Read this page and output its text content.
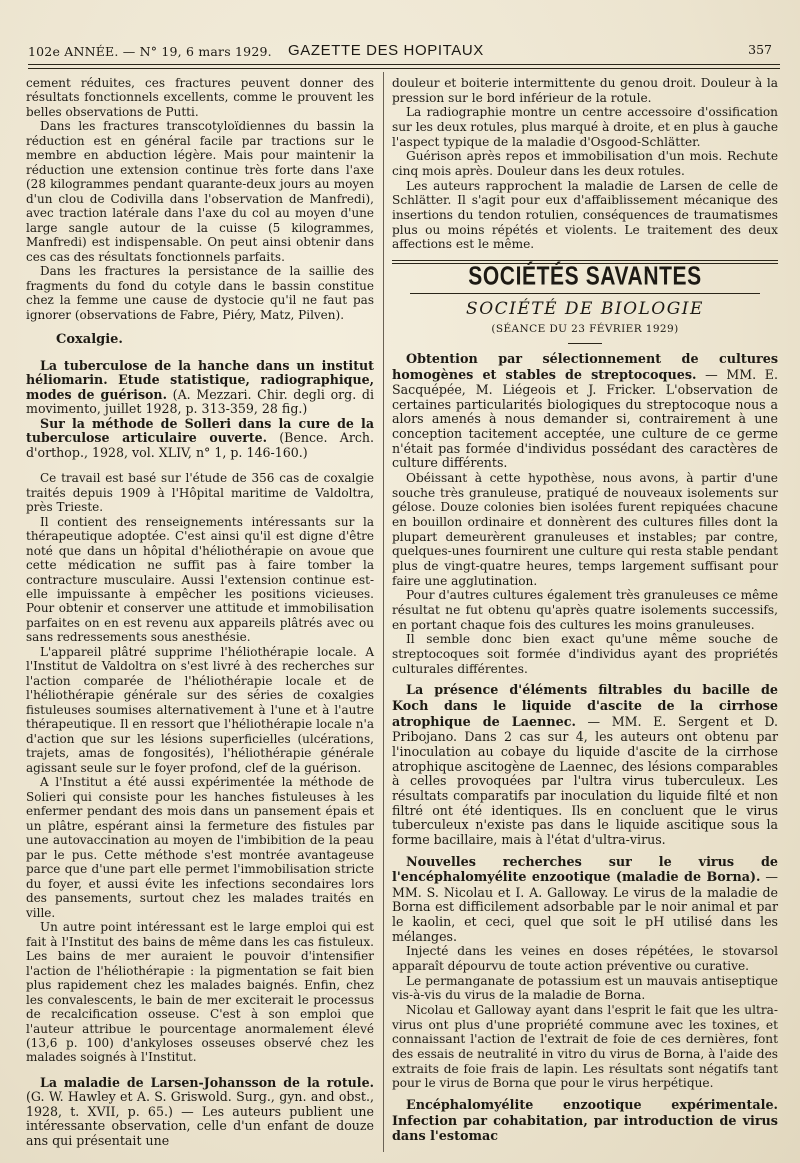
102e ANNÉE. — N° 19, 6 mars 1929. GAZETTE DES HOPITAUX	357

cement réduites, ces fractures peuvent donner des résultats fonctionnels excellents, comme le prouvent les belles observations de Putti.

Dans les fractures transcotyloïdiennes du bassin la réduction est en général facile par tractions sur le membre en abduction légère. Mais pour maintenir la réduction une extension continue très forte dans l'axe (28 kilogrammes pendant quarante-deux jours au moyen d'un clou de Codivilla dans l'observation de Manfredi), avec traction latérale dans l'axe du col au moyen d'une large sangle autour de la cuisse (5 kilogrammes, Manfredi) est indispensable. On peut ainsi obtenir dans ces cas des résultats fonctionnels parfaits.

Dans les fractures la persistance de la saillie des fragments du fond du cotyle dans le bassin constitue chez la femme une cause de dystocie qu'il ne faut pas ignorer (observations de Fabre, Piéry, Matz, Pilven).

Coxalgie.

La tuberculose de la hanche dans un institut héliomarin. Etude statistique, radiographique, modes de guérison. (A. Mezzari. Chir. degli org. di movimento, juillet 1928, p. 313-359, 28 fig.)

Sur la méthode de Solleri dans la cure de la tuberculose articulaire ouverte. (Bence. Arch. d'orthop., 1928, vol. XLIV, n° 1, p. 146-160.)

Ce travail est basé sur l'étude de 356 cas de coxalgie traités depuis 1909 à l'Hôpital maritime de Valdoltra, près Trieste.

Il contient des renseignements intéressants sur la thérapeutique adoptée. C'est ainsi qu'il est digne d'être noté que dans un hôpital d'héliothérapie on avoue que cette médication ne suffit pas à faire tomber la contracture musculaire. Aussi l'extension continue est-elle impuissante à empêcher les positions vicieuses. Pour obtenir et conserver une attitude et immobilisation parfaites on en est revenu aux appareils plâtrés avec ou sans redressements sous anesthésie.

L'appareil plâtré supprime l'héliothérapie locale. A l'Institut de Valdoltra on s'est livré à des recherches sur l'action comparée de l'héliothérapie locale et de l'héliothérapie générale sur des séries de coxalgies fistuleuses soumises alternativement à l'une et à l'autre thérapeutique. Il en ressort que l'héliothérapie locale n'a d'action que sur les lésions superficielles (ulcérations, trajets, amas de fongosités), l'héliothérapie générale agissant seule sur le foyer profond, clef de la guérison.

A l'Institut a été aussi expérimentée la méthode de Solieri qui consiste pour les hanches fistuleuses à les enfermer pendant des mois dans un pansement épais et un plâtre, espérant ainsi la fermeture des fistules par une autovaccination au moyen de l'imbibition de la peau par le pus. Cette méthode s'est montrée avantageuse parce que d'une part elle permet l'immobilisation stricte du foyer, et aussi évite les infections secondaires lors des pansements, surtout chez les malades traités en ville.

Un autre point intéressant est le large emploi qui est fait à l'Institut des bains de même dans les cas fistuleux. Les bains de mer auraient le pouvoir d'intensifier l'action de l'héliothérapie : la pigmentation se fait bien plus rapidement chez les malades baignés. Enfin, chez les convalescents, le bain de mer exciterait le processus de recalcification osseuse. C'est à son emploi que l'auteur attribue le pourcentage anormalement élevé (13,6 p. 100) d'ankyloses osseuses observé chez les malades soignés à l'Institut.

La maladie de Larsen-Johansson de la rotule. (G. W. Hawley et A. S. Griswold. Surg., gyn. and obst., 1928, t. XVII, p. 65.) — Les auteurs publient une intéressante observation, celle d'un enfant de douze ans qui présentait une

douleur et boiterie intermittente du genou droit. Douleur à la pression sur le bord inférieur de la rotule.

La radiographie montre un centre accessoire d'ossification sur les deux rotules, plus marqué à droite, et en plus à gauche l'aspect typique de la maladie d'Osgood-Schlätter.

Guérison après repos et immobilisation d'un mois. Rechute cinq mois après. Douleur dans les deux rotules.

Les auteurs rapprochent la maladie de Larsen de celle de Schlätter. Il s'agit pour eux d'affaiblissement mécanique des insertions du tendon rotulien, conséquences de traumatismes plus ou moins répétés et violents. Le traitement des deux affections est le même.

SOCIÉTÉS SAVANTES
SOCIÉTÉ DE BIOLOGIE
(SÉANCE DU 23 FÉVRIER 1929)

Obtention par sélectionnement de cultures homogènes et stables de streptocoques. — MM. E. Sacquépée, M. Liégeois et J. Fricker. L'observation de certaines particularités biologiques du streptocoque nous a alors amenés à nous demander si, contrairement à une conception tacitement acceptée, une culture de ce germe n'était pas formée d'individus possédant des caractères de culture différents.

Obéissant à cette hypothèse, nous avons, à partir d'une souche très granuleuse, pratiqué de nouveaux isolements sur gélose. Douze colonies bien isolées furent repiquées chacune en bouillon ordinaire et donnèrent des cultures filles dont la plupart demeurèrent granuleuses et instables; par contre, quelques-unes fournirent une culture qui resta stable pendant plus de vingt-quatre heures, temps largement suffisant pour faire une agglutination.

Pour d'autres cultures également très granuleuses ce même résultat ne fut obtenu qu'après quatre isolements successifs, en portant chaque fois des cultures les moins granuleuses.

Il semble donc bien exact qu'une même souche de streptocoques soit formée d'individus ayant des propriétés culturales différentes.

La présence d'éléments filtrables du bacille de Koch dans le liquide d'ascite de la cirrhose atrophique de Laennec. — MM. E. Sergent et D. Pribojano. Dans 2 cas sur 4, les auteurs ont obtenu par l'inoculation au cobaye du liquide d'ascite de la cirrhose atrophique ascitogène de Laennec, des lésions comparables à celles provoquées par l'ultra virus tuberculeux. Les résultats comparatifs par inoculation du liquide filté et non filtré ont été identiques. Ils en concluent que le virus tuberculeux n'existe pas dans le liquide ascitique sous la forme bacillaire, mais à l'état d'ultra-virus.

Nouvelles recherches sur le virus de l'encéphalomyélite enzootique (maladie de Borna). — MM. S. Nicolau et I. A. Galloway. Le virus de la maladie de Borna est difficilement adsorbable par le noir animal et par le kaolin, et ceci, quel que soit le pH utilisé dans les mélanges.

Injecté dans les veines en doses répétées, le stovarsol apparaît dépourvu de toute action préventive ou curative.

Le permanganate de potassium est un mauvais antiseptique vis-à-vis du virus de la maladie de Borna.

Nicolau et Galloway ayant dans l'esprit le fait que les ultra-virus ont plus d'une propriété commune avec les toxines, et connaissant l'action de l'extrait de foie de ces dernières, font des essais de neutralité in vitro du virus de Borna, à l'aide des extraits de foie frais de lapin. Les résultats sont négatifs tant pour le virus de Borna que pour le virus herpétique.

Encéphalomyélite enzootique expérimentale. Infection par cohabitation, par introduction de virus dans l'estomac
